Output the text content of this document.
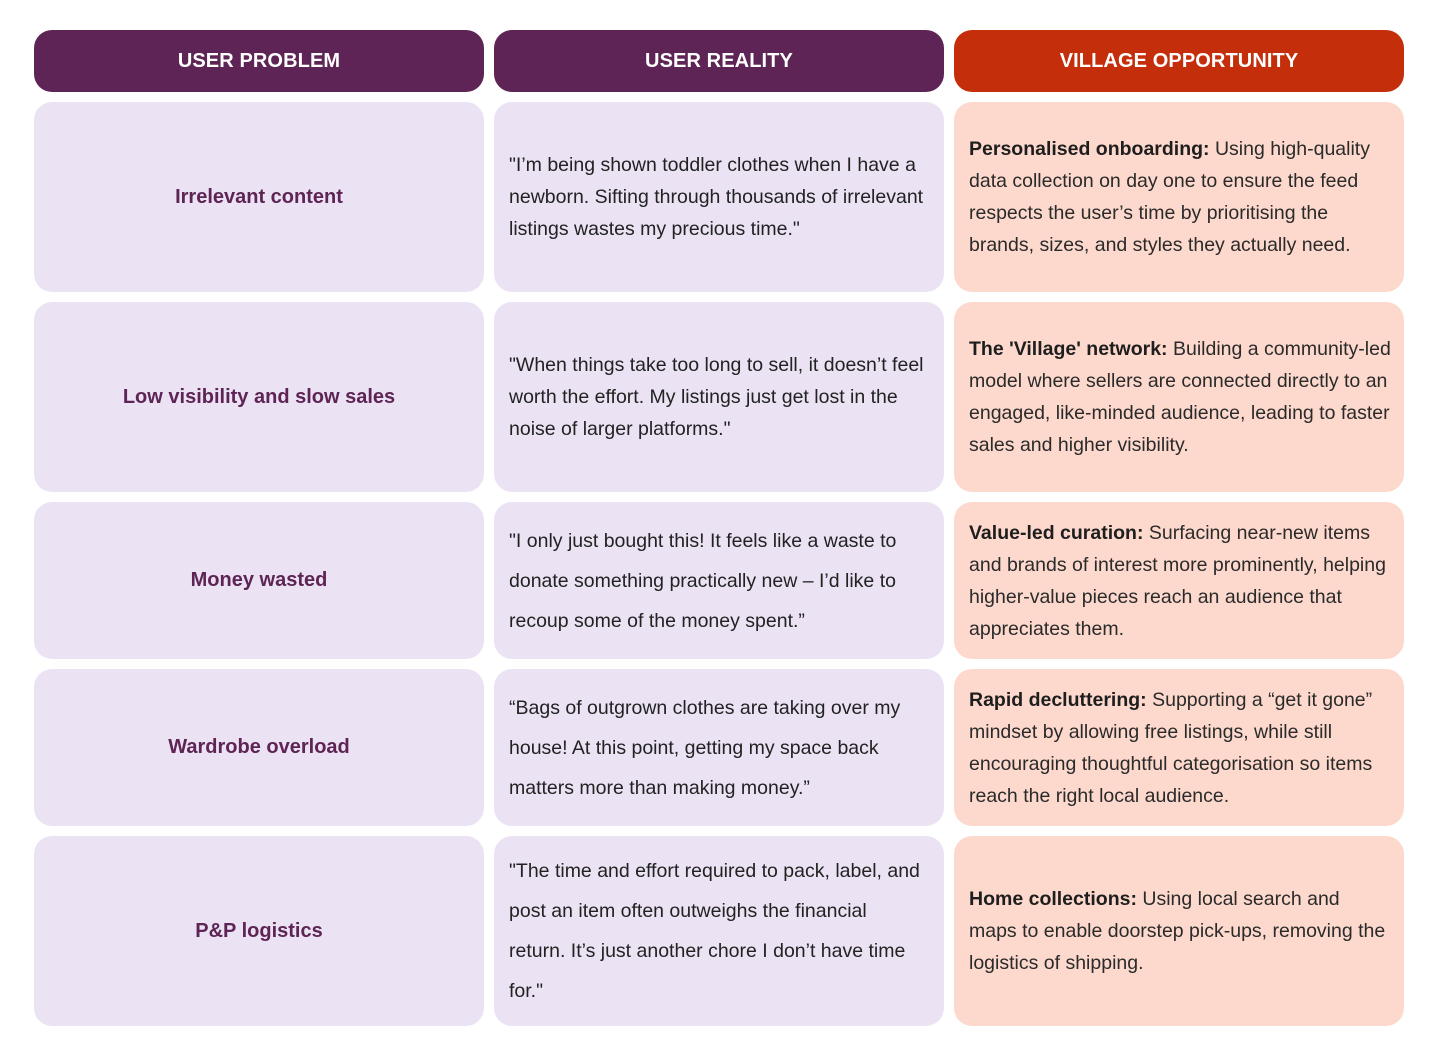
USER PROBLEM	USER REALITY	VILLAGE OPPORTUNITY
Irrelevant content
"I’m being shown toddler clothes when I have a newborn. Sifting through thousands of irrelevant listings wastes my precious time."
Personalised onboarding: Using high-quality data collection on day one to ensure the feed respects the user’s time by prioritising the brands, sizes, and styles they actually need.
Low visibility and slow sales
"When things take too long to sell, it doesn’t feel worth the effort. My listings just get lost in the noise of larger platforms."
The 'Village' network: Building a community-led model where sellers are connected directly to an engaged, like-minded audience, leading to faster sales and higher visibility.
Money wasted
"I only just bought this! It feels like a waste to donate something practically new – I’d like to recoup some of the money spent.”
Value-led curation: Surfacing near-new items and brands of interest more prominently, helping higher-value pieces reach an audience that appreciates them.
Wardrobe overload
“Bags of outgrown clothes are taking over my house! At this point, getting my space back matters more than making money.”
Rapid decluttering: Supporting a “get it gone” mindset by allowing free listings, while still encouraging thoughtful categorisation so items reach the right local audience.
P&P logistics
"The time and effort required to pack, label, and post an item often outweighs the financial return. It’s just another chore I don’t have time for."
Home collections: Using local search and maps to enable doorstep pick-ups, removing the logistics of shipping.
